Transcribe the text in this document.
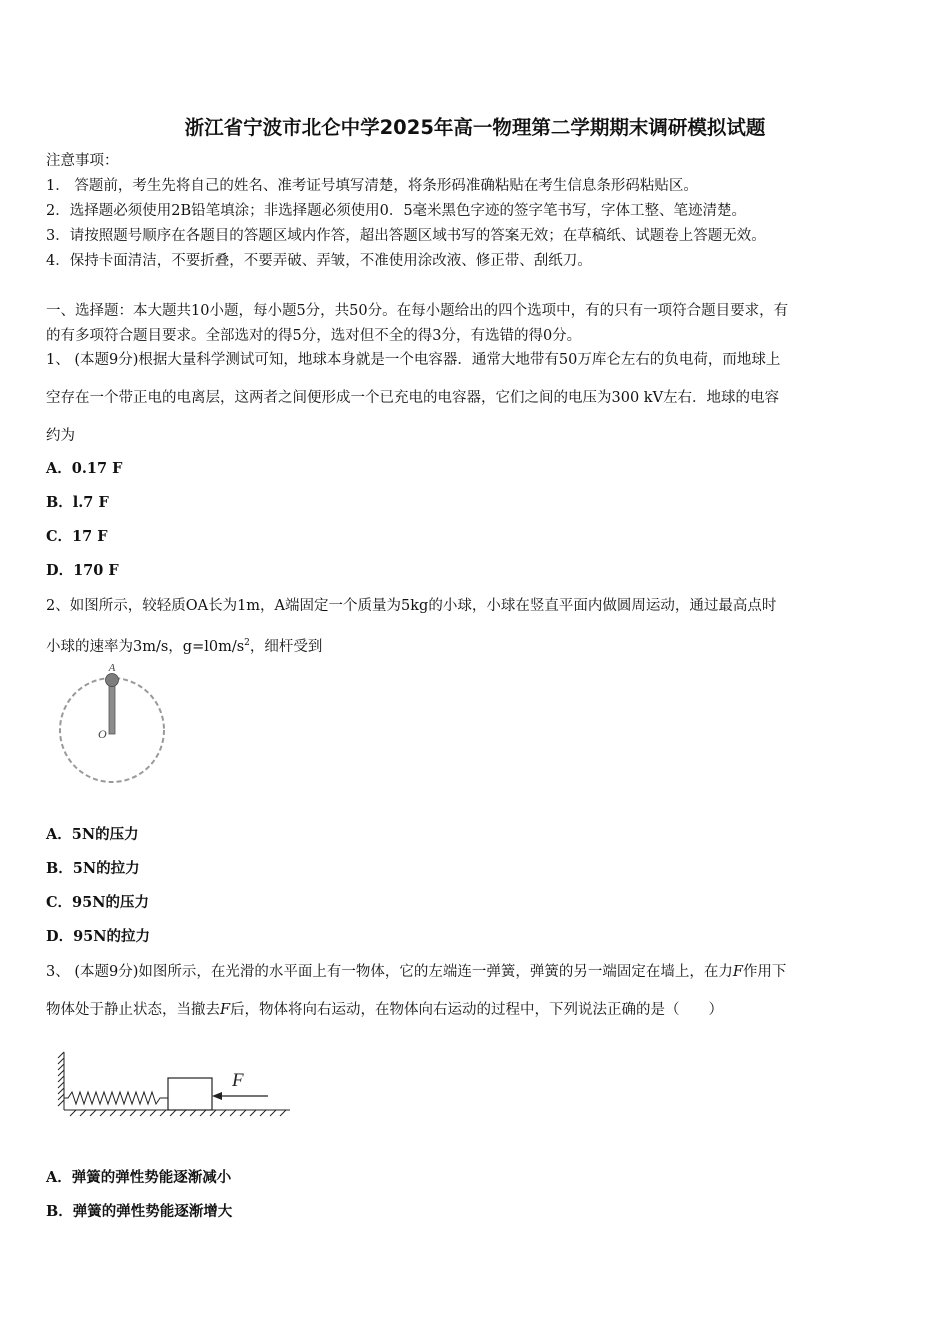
浙江省宁波市北仑中学2025年高一物理第二学期期末调研模拟试题
注意事项：
1． 答题前，考生先将自己的姓名、准考证号填写清楚，将条形码准确粘贴在考生信息条形码粘贴区。
2．选择题必须使用2B铅笔填涂；非选择题必须使用0．5毫米黑色字迹的签字笔书写，字体工整、笔迹清楚。
3．请按照题号顺序在各题目的答题区域内作答，超出答题区域书写的答案无效；在草稿纸、试题卷上答题无效。
4．保持卡面清洁，不要折叠，不要弄破、弄皱，不准使用涂改液、修正带、刮纸刀。
一、选择题：本大题共10小题，每小题5分，共50分。在每小题给出的四个选项中，有的只有一项符合题目要求，有
的有多项符合题目要求。全部选对的得5分，选对但不全的得3分，有选错的得0分。
1、 (本题9分)根据大量科学测试可知，地球本身就是一个电容器．通常大地带有50万库仑左右的负电荷，而地球上
空存在一个带正电的电离层，这两者之间便形成一个已充电的电容器，它们之间的电压为300 kV左右．地球的电容
约为
A．0.17 F
B．l.7 F
C．17 F
D．170 F
2、如图所示，较轻质OA长为1m，A端固定一个质量为5kg的小球，小球在竖直平面内做圆周运动，通过最高点时
小球的速率为3m/s，$g=l0m/s^2$，细杆受到
A
O
A．5N的压力
B．5N的拉力
C．95N的压力
D．95N的拉力
3、 (本题9分)如图所示，在光滑的水平面上有一物体，它的左端连一弹簧，弹簧的另一端固定在墙上，在力F作用下
物体处于静止状态，当撤去F后，物体将向右运动，在物体向右运动的过程中，下列说法正确的是（　　）
F
A．弹簧的弹性势能逐渐减小
B．弹簧的弹性势能逐渐增大
